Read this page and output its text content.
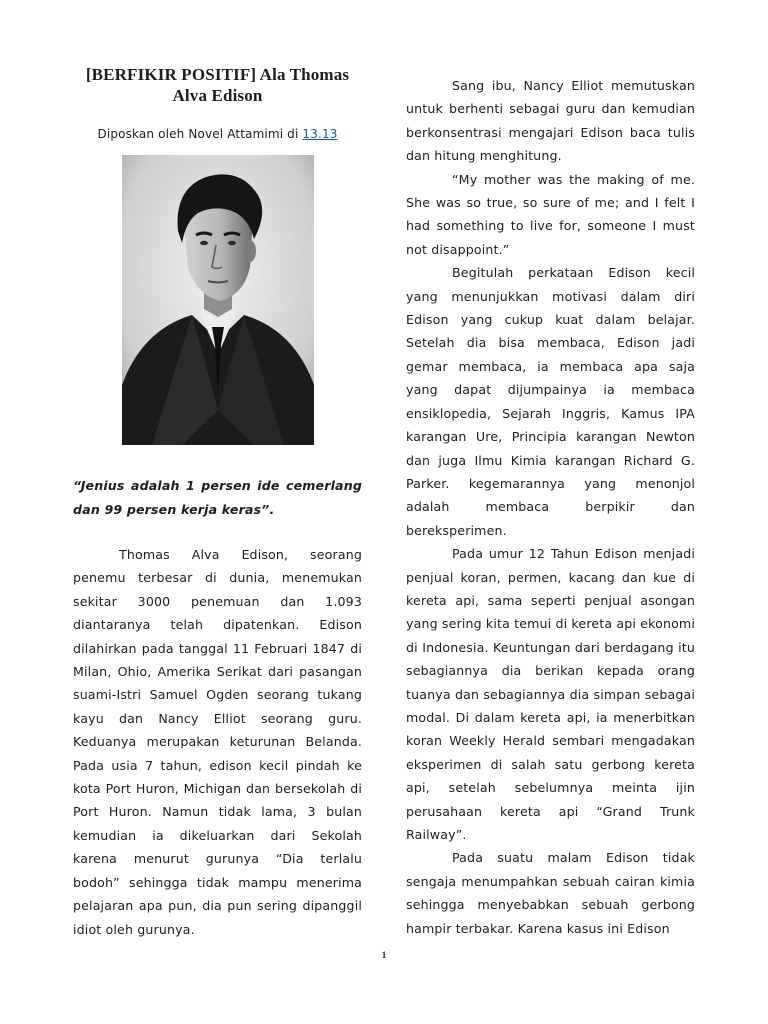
[BERFIKIR POSITIF] Ala Thomas Alva Edison
Diposkan oleh Novel Attamimi di 13.13
“Jenius adalah 1 persen ide cemerlang dan 99 persen kerja keras”.

Thomas Alva Edison, seorang penemu terbesar di dunia, menemukan sekitar 3000 penemuan dan 1.093 diantaranya telah dipatenkan. Edison dilahirkan pada tanggal 11 Februari 1847 di Milan, Ohio, Amerika Serikat dari pasangan suami-Istri Samuel Ogden seorang tukang kayu dan Nancy Elliot seorang guru. Keduanya merupakan keturunan Belanda. Pada usia 7 tahun, edison kecil pindah ke kota Port Huron, Michigan dan bersekolah di Port Huron. Namun tidak lama, 3 bulan kemudian ia dikeluarkan dari Sekolah karena menurut gurunya “Dia terlalu bodoh” sehingga tidak mampu menerima pelajaran apa pun, dia pun sering dipanggil idiot oleh gurunya.

Sang ibu, Nancy Elliot memutuskan untuk berhenti sebagai guru dan kemudian berkonsentrasi mengajari Edison baca tulis dan hitung menghitung.

“My mother was the making of me. She was so true, so sure of me; and I felt I had something to live for, someone I must not disappoint.”

Begitulah perkataan Edison kecil yang menunjukkan motivasi dalam diri Edison yang cukup kuat dalam belajar. Setelah dia bisa membaca, Edison jadi gemar membaca, ia membaca apa saja yang dapat dijumpainya ia membaca ensiklopedia, Sejarah Inggris, Kamus IPA karangan Ure, Principia karangan Newton dan juga Ilmu Kimia karangan Richard G. Parker. kegemarannya yang menonjol adalah membaca berpikir dan bereksperimen.

Pada umur 12 Tahun Edison menjadi penjual koran, permen, kacang dan kue di kereta api, sama seperti penjual asongan yang sering kita temui di kereta api ekonomi di Indonesia. Keuntungan dari berdagang itu sebagiannya dia berikan kepada orang tuanya dan sebagiannya dia simpan sebagai modal. Di dalam kereta api, ia menerbitkan koran Weekly Herald sembari mengadakan eksperimen di salah satu gerbong kereta api, setelah sebelumnya meinta ijin perusahaan kereta api “Grand Trunk Railway”.

Pada suatu malam Edison tidak sengaja menumpahkan sebuah cairan kimia sehingga menyebabkan sebuah gerbong hampir terbakar. Karena kasus ini Edison

1
